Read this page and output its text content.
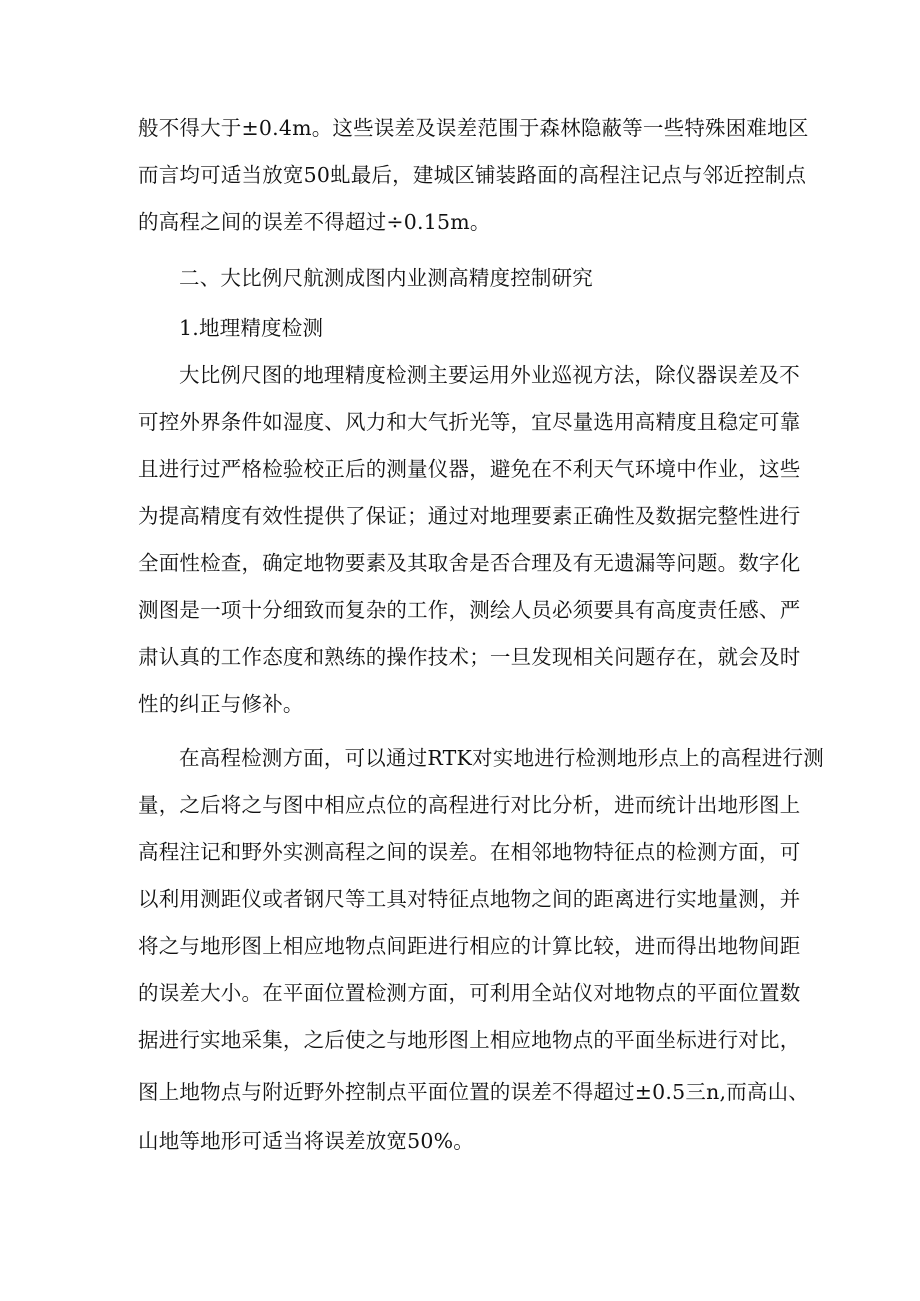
般不得大于±0.4m。这些误差及误差范围于森林隐蔽等一些特殊困难地区
而言均可适当放宽50虬最后，建城区铺装路面的高程注记点与邻近控制点
的高程之间的误差不得超过÷0.15m。
二、大比例尺航测成图内业测高精度控制研究
1.地理精度检测
大比例尺图的地理精度检测主要运用外业巡视方法，除仪器误差及不
可控外界条件如湿度、风力和大气折光等，宜尽量选用高精度且稳定可靠
且进行过严格检验校正后的测量仪器，避免在不利天气环境中作业，这些
为提高精度有效性提供了保证；通过对地理要素正确性及数据完整性进行
全面性检查，确定地物要素及其取舍是否合理及有无遗漏等问题。数字化
测图是一项十分细致而复杂的工作，测绘人员必须要具有高度责任感、严
肃认真的工作态度和熟练的操作技术；一旦发现相关问题存在，就会及时
性的纠正与修补。
在高程检测方面，可以通过RTK对实地进行检测地形点上的高程进行测
量，之后将之与图中相应点位的高程进行对比分析，进而统计出地形图上
高程注记和野外实测高程之间的误差。在相邻地物特征点的检测方面，可
以利用测距仪或者钢尺等工具对特征点地物之间的距离进行实地量测，并
将之与地形图上相应地物点间距进行相应的计算比较，进而得出地物间距
的误差大小。在平面位置检测方面，可利用全站仪对地物点的平面位置数
据进行实地采集，之后使之与地形图上相应地物点的平面坐标进行对比，
图上地物点与附近野外控制点平面位置的误差不得超过±0.5三n,而高山、
山地等地形可适当将误差放宽50%。
